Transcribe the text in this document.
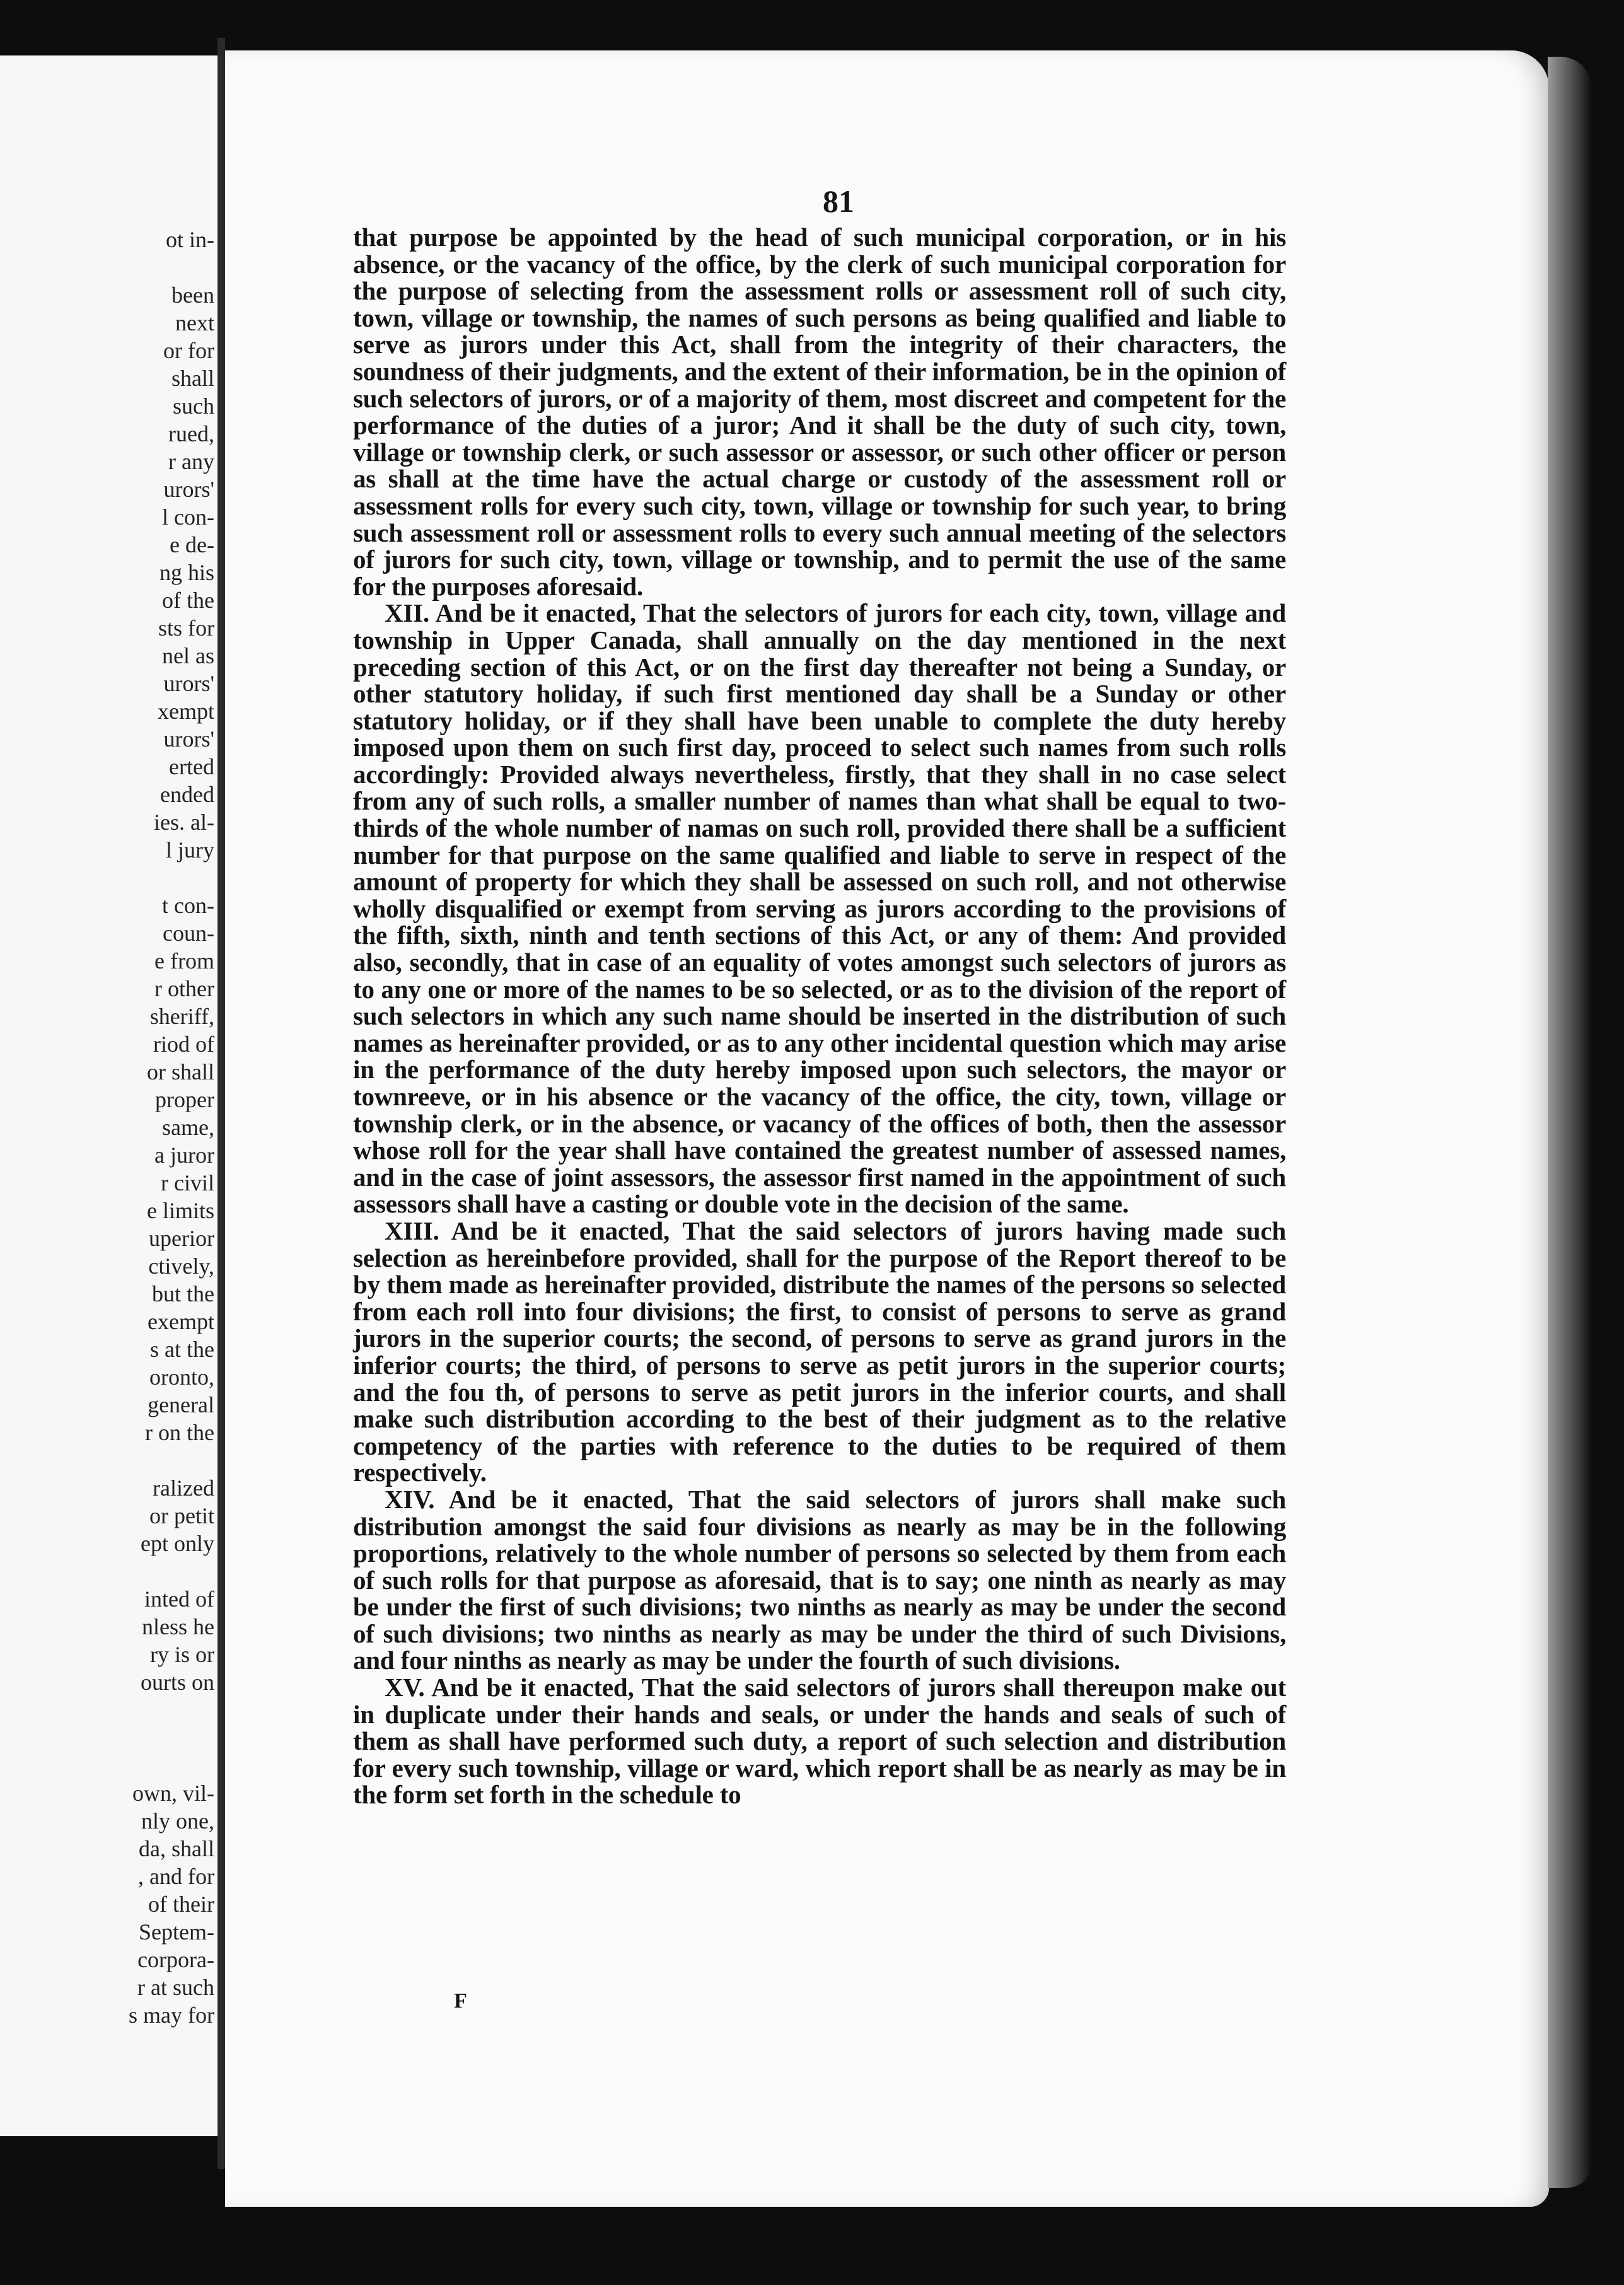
ot in-
been
next
or for
shall
such
rued,
r any
urors'
l con-
e de-
ng his
of the
sts for
nel as
urors'
xempt
urors'
erted
ended
ies. al-
l jury
t con-
coun-
e from
r other
sheriff,
riod of
or shall
proper
same,
a juror
r civil
e limits
uperior
ctively,
but the
exempt
s at the
oronto,
general
r on the
ralized
or petit
ept only
inted of
nless he
ry is or
ourts on
own, vil-
nly one,
da, shall
, and for
of their
Septem-
corpora-
r at such
s may for
81

that purpose be appointed by the head of such municipal corporation, or in his absence, or the vacancy of the office, by the clerk of such municipal corporation for the purpose of selecting from the assessment rolls or assessment roll of such city, town, village or township, the names of such persons as being qualified and liable to serve as jurors under this Act, shall from the integrity of their characters, the soundness of their judgments, and the extent of their information, be in the opinion of such selectors of jurors, or of a majority of them, most discreet and competent for the performance of the duties of a juror; And it shall be the duty of such city, town, village or township clerk, or such assessor or assessor, or such other officer or person as shall at the time have the actual charge or custody of the assessment roll or assessment rolls for every such city, town, village or township for such year, to bring such assessment roll or assessment rolls to every such annual meeting of the selectors of jurors for such city, town, village or township, and to permit the use of the same for the purposes aforesaid.

XII. And be it enacted, That the selectors of jurors for each city, town, village and township in Upper Canada, shall annually on the day mentioned in the next preceding section of this Act, or on the first day thereafter not being a Sunday, or other statutory holiday, if such first mentioned day shall be a Sunday or other statutory holiday, or if they shall have been unable to complete the duty hereby imposed upon them on such first day, proceed to select such names from such rolls accordingly: Provided always nevertheless, firstly, that they shall in no case select from any of such rolls, a smaller number of names than what shall be equal to two-thirds of the whole number of namas on such roll, provided there shall be a sufficient number for that purpose on the same qualified and liable to serve in respect of the amount of property for which they shall be assessed on such roll, and not otherwise wholly disqualified or exempt from serving as jurors according to the provisions of the fifth, sixth, ninth and tenth sections of this Act, or any of them: And provided also, secondly, that in case of an equality of votes amongst such selectors of jurors as to any one or more of the names to be so selected, or as to the division of the report of such selectors in which any such name should be inserted in the distribution of such names as hereinafter provided, or as to any other incidental question which may arise in the performance of the duty hereby imposed upon such selectors, the mayor or townreeve, or in his absence or the vacancy of the office, the city, town, village or township clerk, or in the absence, or vacancy of the offices of both, then the assessor whose roll for the year shall have contained the greatest number of assessed names, and in the case of joint assessors, the assessor first named in the appointment of such assessors shall have a casting or double vote in the decision of the same.

XIII. And be it enacted, That the said selectors of jurors having made such selection as hereinbefore provided, shall for the purpose of the Report thereof to be by them made as hereinafter provided, distribute the names of the persons so selected from each roll into four divisions; the first, to consist of persons to serve as grand jurors in the superior courts; the second, of persons to serve as grand jurors in the inferior courts; the third, of persons to serve as petit jurors in the superior courts; and the fou th, of persons to serve as petit jurors in the inferior courts, and shall make such distribution according to the best of their judgment as to the relative competency of the parties with reference to the duties to be required of them respectively.

XIV. And be it enacted, That the said selectors of jurors shall make such distribution amongst the said four divisions as nearly as may be in the following proportions, relatively to the whole number of persons so selected by them from each of such rolls for that purpose as aforesaid, that is to say; one ninth as nearly as may be under the first of such divisions; two ninths as nearly as may be under the second of such divisions; two ninths as nearly as may be under the third of such Divisions, and four ninths as nearly as may be under the fourth of such divisions.

XV. And be it enacted, That the said selectors of jurors shall thereupon make out in duplicate under their hands and seals, or under the hands and seals of such of them as shall have performed such duty, a report of such selection and distribution for every such township, village or ward, which report shall be as nearly as may be in the form set forth in the schedule to

F
